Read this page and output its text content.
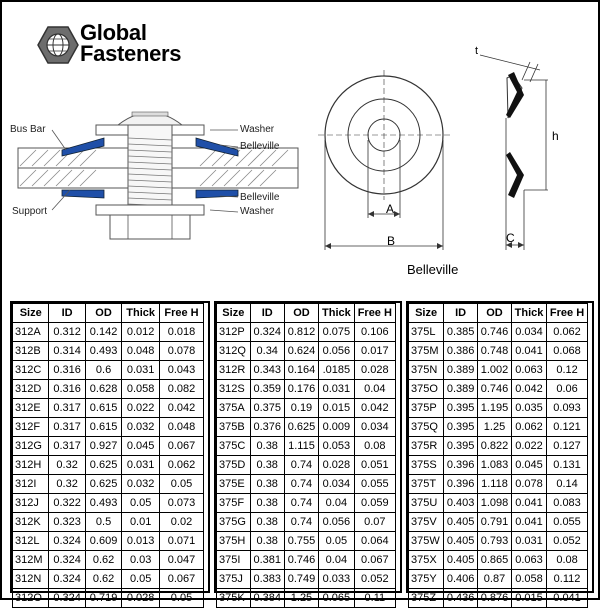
Global
Fasteners
Bus Bar
Support
Washer
Belleville
Belleville
Washer	A
B	C
t
h
Belleville
Size	ID	OD	Thick	Free H
312A	0.312	0.142	0.012	0.018
312B	0.314	0.493	0.048	0.078
312C	0.316	0.6	0.031	0.043
312D	0.316	0.628	0.058	0.082
312E	0.317	0.615	0.022	0.042
312F	0.317	0.615	0.032	0.048
312G	0.317	0.927	0.045	0.067
312H	0.32	0.625	0.031	0.062
312I	0.32	0.625	0.032	0.05
312J	0.322	0.493	0.05	0.073
312K	0.323	0.5	0.01	0.02
312L	0.324	0.609	0.013	0.071
312M	0.324	0.62	0.03	0.047
312N	0.324	0.62	0.05	0.067
312O	0.324	0.719	0.028	0.05
Size	ID	OD	Thick	Free H
312P	0.324	0.812	0.075	0.106
312Q	0.34	0.624	0.056	0.017
312R	0.343	0.164	.0185	0.028
312S	0.359	0.176	0.031	0.04
375A	0.375	0.19	0.015	0.042
375B	0.376	0.625	0.009	0.034
375C	0.38	1.115	0.053	0.08
375D	0.38	0.74	0.028	0.051
375E	0.38	0.74	0.034	0.055
375F	0.38	0.74	0.04	0.059
375G	0.38	0.74	0.056	0.07
375H	0.38	0.755	0.05	0.064
375I	0.381	0.746	0.04	0.067
375J	0.383	0.749	0.033	0.052
375K	0.384	1.25	0.065	0.11
Size	ID	OD	Thick	Free H
375L	0.385	0.746	0.034	0.062
375M	0.386	0.748	0.041	0.068
375N	0.389	1.002	0.063	0.12
375O	0.389	0.746	0.042	0.06
375P	0.395	1.195	0.035	0.093
375Q	0.395	1.25	0.062	0.121
375R	0.395	0.822	0.022	0.127
375S	0.396	1.083	0.045	0.131
375T	0.396	1.118	0.078	0.14
375U	0.403	1.098	0.041	0.083
375V	0.405	0.791	0.041	0.055
375W	0.405	0.793	0.031	0.052
375X	0.405	0.865	0.063	0.08
375Y	0.406	0.87	0.058	0.112
375Z	0.436	0.876	0.015	0.041
